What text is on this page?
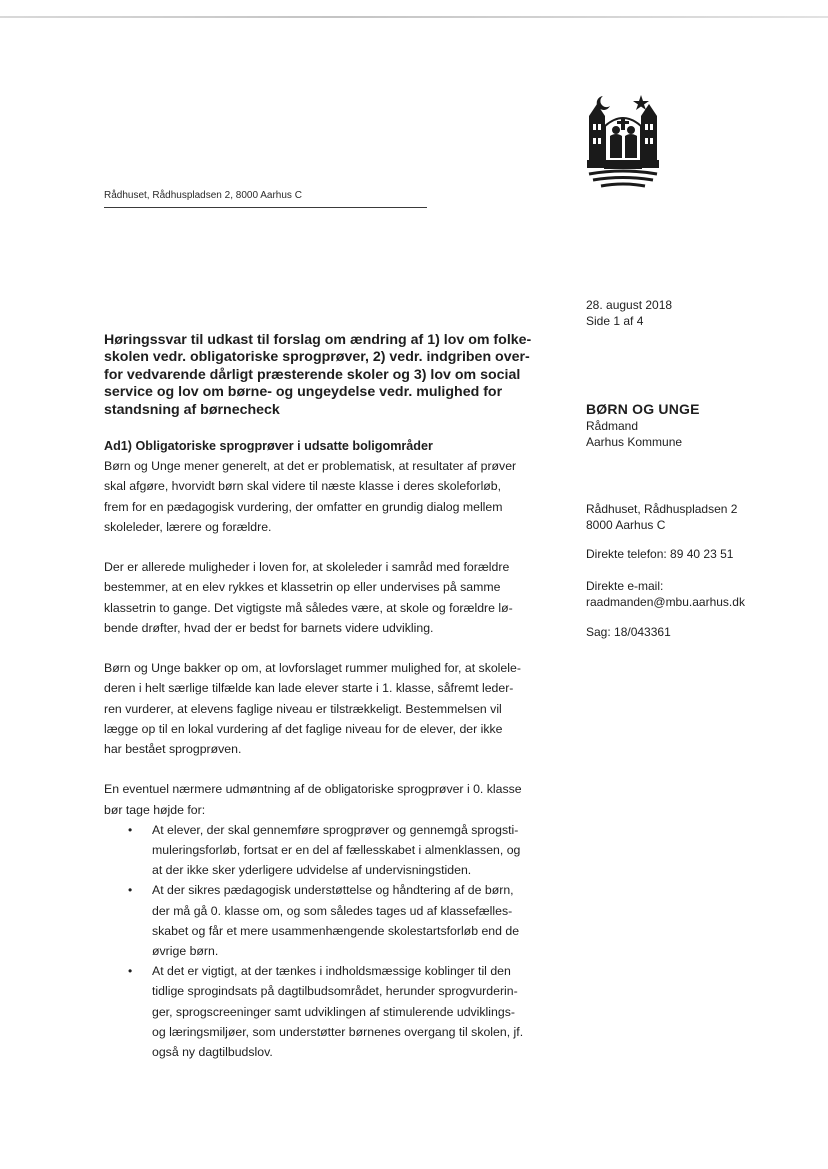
Rådhuset, Rådhuspladsen 2, 8000 Aarhus C

28. august 2018

Side 1 af 4

BØRN OG UNGE

Rådmand

Aarhus Kommune

Rådhuset, Rådhuspladsen 2

8000 Aarhus C

Direkte telefon: 89 40 23 51

Direkte e-mail:

raadmanden@mbu.aarhus.dk

Sag: 18/043361
Høringssvar til udkast til forslag om ændring af 1) lov om folke-
skolen vedr. obligatoriske sprogprøver, 2) vedr. indgriben over-
for vedvarende dårligt præsterende skoler og 3) lov om social
service og lov om børne- og ungeydelse vedr. mulighed for
standsning af børnecheck
Ad1) Obligatoriske sprogprøver i udsatte boligområder
Børn og Unge mener generelt, at det er problematisk, at resultater af prøver
skal afgøre, hvorvidt børn skal videre til næste klasse i deres skoleforløb,
frem for en pædagogisk vurdering, der omfatter en grundig dialog mellem
skoleleder, lærere og forældre.
Der er allerede muligheder i loven for, at skoleleder i samråd med forældre
bestemmer, at en elev rykkes et klassetrin op eller undervises på samme
klassetrin to gange. Det vigtigste må således være, at skole og forældre lø-
bende drøfter, hvad der er bedst for barnets videre udvikling.
Børn og Unge bakker op om, at lovforslaget rummer mulighed for, at skolele-
deren i helt særlige tilfælde kan lade elever starte i 1. klasse, såfremt leder-
ren vurderer, at elevens faglige niveau er tilstrækkeligt. Bestemmelsen vil
lægge op til en lokal vurdering af det faglige niveau for de elever, der ikke
har bestået sprogprøven.
En eventuel nærmere udmøntning af de obligatoriske sprogprøver i 0. klasse
bør tage højde for:
• At elever, der skal gennemføre sprogprøver og gennemgå sprogsti-
muleringsforløb, fortsat er en del af fællesskabet i almenklassen, og
at der ikke sker yderligere udvidelse af undervisningstiden.
• At der sikres pædagogisk understøttelse og håndtering af de børn,
der må gå 0. klasse om, og som således tages ud af klassefælles-
skabet og får et mere usammenhængende skolestartsforløb end de
øvrige børn.
• At det er vigtigt, at der tænkes i indholdsmæssige koblinger til den
tidlige sprogindsats på dagtilbudsområdet, herunder sprogvurderin-
ger, sprogscreeninger samt udviklingen af stimulerende udviklings-
og læringsmiljøer, som understøtter børnenes overgang til skolen, jf.
også ny dagtilbudslov.
